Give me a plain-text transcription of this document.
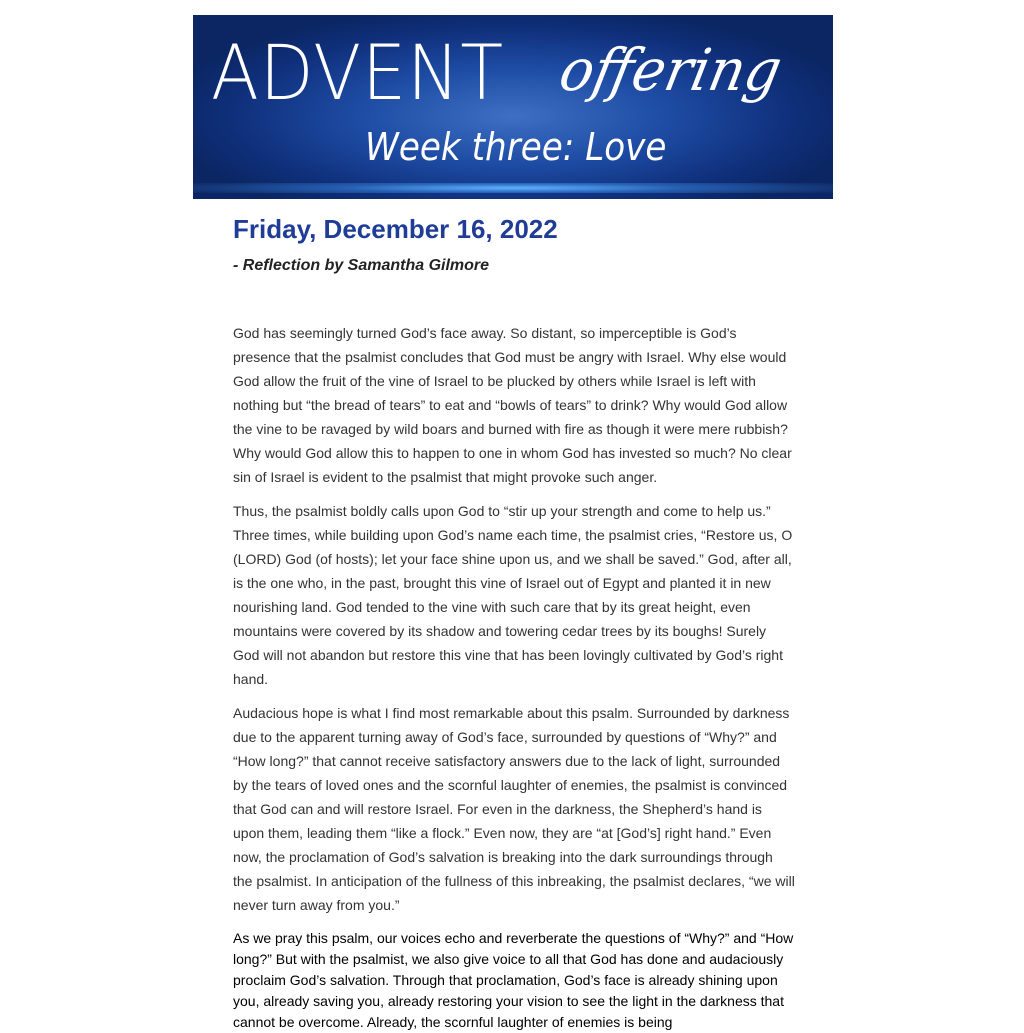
ADVENT offering
Week three: Love
Friday, December 16, 2022

- Reflection by Samantha Gilmore

God has seemingly turned God’s face away. So distant, so imperceptible is God’s presence that the psalmist concludes that God must be angry with Israel. Why else would God allow the fruit of the vine of Israel to be plucked by others while Israel is left with nothing but “the bread of tears” to eat and “bowls of tears” to drink? Why would God allow the vine to be ravaged by wild boars and burned with fire as though it were mere rubbish? Why would God allow this to happen to one in whom God has invested so much? No clear sin of Israel is evident to the psalmist that might provoke such anger.

Thus, the psalmist boldly calls upon God to “stir up your strength and come to help us.” Three times, while building upon God’s name each time, the psalmist cries, “Restore us, O (LORD) God (of hosts); let your face shine upon us, and we shall be saved.” God, after all, is the one who, in the past, brought this vine of Israel out of Egypt and planted it in new nourishing land. God tended to the vine with such care that by its great height, even mountains were covered by its shadow and towering cedar trees by its boughs! Surely God will not abandon but restore this vine that has been lovingly cultivated by God’s right hand.

Audacious hope is what I find most remarkable about this psalm. Surrounded by darkness due to the apparent turning away of God’s face, surrounded by questions of “Why?” and “How long?” that cannot receive satisfactory answers due to the lack of light, surrounded by the tears of loved ones and the scornful laughter of enemies, the psalmist is convinced that God can and will restore Israel. For even in the darkness, the Shepherd’s hand is upon them, leading them “like a flock.” Even now, they are “at [God’s] right hand.” Even now, the proclamation of God’s salvation is breaking into the dark surroundings through the psalmist. In anticipation of the fullness of this inbreaking, the psalmist declares, “we will never turn away from you.”

As we pray this psalm, our voices echo and reverberate the questions of “Why?” and “How long?” But with the psalmist, we also give voice to all that God has done and audaciously proclaim God’s salvation. Through that proclamation, God’s face is already shining upon you, already saving you, already restoring your vision to see the light in the darkness that cannot be overcome. Already, the scornful laughter of enemies is being
